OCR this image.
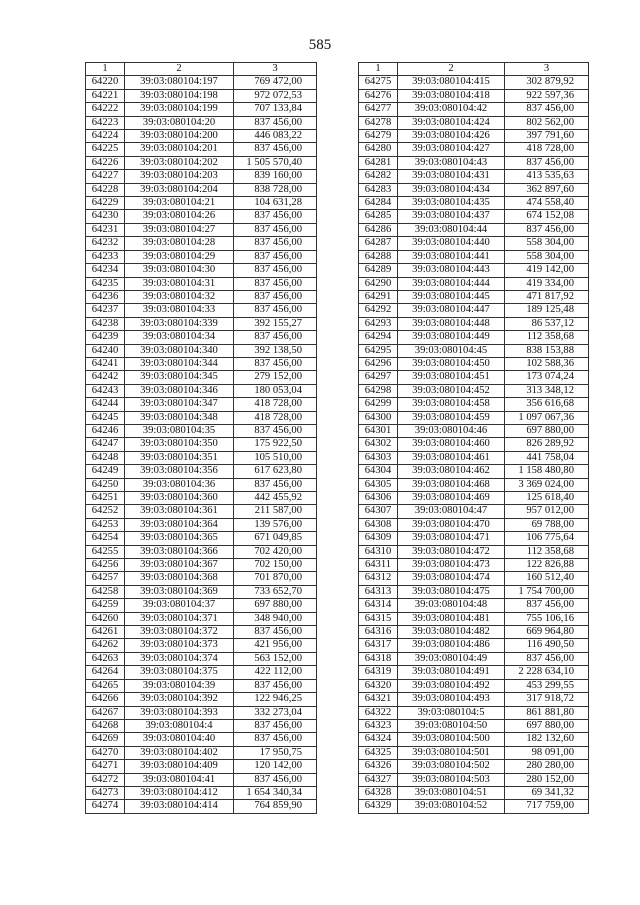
585
1	2	3
64220	39:03:080104:197	769 472,00
64221	39:03:080104:198	972 072,53
64222	39:03:080104:199	707 133,84
64223	39:03:080104:20	837 456,00
64224	39:03:080104:200	446 083,22
64225	39:03:080104:201	837 456,00
64226	39:03:080104:202	1 505 570,40
64227	39:03:080104:203	839 160,00
64228	39:03:080104:204	838 728,00
64229	39:03:080104:21	104 631,28
64230	39:03:080104:26	837 456,00
64231	39:03:080104:27	837 456,00
64232	39:03:080104:28	837 456,00
64233	39:03:080104:29	837 456,00
64234	39:03:080104:30	837 456,00
64235	39:03:080104:31	837 456,00
64236	39:03:080104:32	837 456,00
64237	39:03:080104:33	837 456,00
64238	39:03:080104:339	392 155,27
64239	39:03:080104:34	837 456,00
64240	39:03:080104:340	392 138,50
64241	39:03:080104:344	837 456,00
64242	39:03:080104:345	279 152,00
64243	39:03:080104:346	180 053,04
64244	39:03:080104:347	418 728,00
64245	39:03:080104:348	418 728,00
64246	39:03:080104:35	837 456,00
64247	39:03:080104:350	175 922,50
64248	39:03:080104:351	105 510,00
64249	39:03:080104:356	617 623,80
64250	39:03:080104:36	837 456,00
64251	39:03:080104:360	442 455,92
64252	39:03:080104:361	211 587,00
64253	39:03:080104:364	139 576,00
64254	39:03:080104:365	671 049,85
64255	39:03:080104:366	702 420,00
64256	39:03:080104:367	702 150,00
64257	39:03:080104:368	701 870,00
64258	39:03:080104:369	733 652,70
64259	39:03:080104:37	697 880,00
64260	39:03:080104:371	348 940,00
64261	39:03:080104:372	837 456,00
64262	39:03:080104:373	421 956,00
64263	39:03:080104:374	563 152,00
64264	39:03:080104:375	422 112,00
64265	39:03:080104:39	837 456,00
64266	39:03:080104:392	122 946,25
64267	39:03:080104:393	332 273,04
64268	39:03:080104:4	837 456,00
64269	39:03:080104:40	837 456,00
64270	39:03:080104:402	17 950,75
64271	39:03:080104:409	120 142,00
64272	39:03:080104:41	837 456,00
64273	39:03:080104:412	1 654 340,34
64274	39:03:080104:414	764 859,90
1	2	3
64275	39:03:080104:415	302 879,92
64276	39:03:080104:418	922 597,36
64277	39:03:080104:42	837 456,00
64278	39:03:080104:424	802 562,00
64279	39:03:080104:426	397 791,60
64280	39:03:080104:427	418 728,00
64281	39:03:080104:43	837 456,00
64282	39:03:080104:431	413 535,63
64283	39:03:080104:434	362 897,60
64284	39:03:080104:435	474 558,40
64285	39:03:080104:437	674 152,08
64286	39:03:080104:44	837 456,00
64287	39:03:080104:440	558 304,00
64288	39:03:080104:441	558 304,00
64289	39:03:080104:443	419 142,00
64290	39:03:080104:444	419 334,00
64291	39:03:080104:445	471 817,92
64292	39:03:080104:447	189 125,48
64293	39:03:080104:448	86 537,12
64294	39:03:080104:449	112 358,68
64295	39:03:080104:45	838 153,88
64296	39:03:080104:450	102 588,36
64297	39:03:080104:451	173 074,24
64298	39:03:080104:452	313 348,12
64299	39:03:080104:458	356 616,68
64300	39:03:080104:459	1 097 067,36
64301	39:03:080104:46	697 880,00
64302	39:03:080104:460	826 289,92
64303	39:03:080104:461	441 758,04
64304	39:03:080104:462	1 158 480,80
64305	39:03:080104:468	3 369 024,00
64306	39:03:080104:469	125 618,40
64307	39:03:080104:47	957 012,00
64308	39:03:080104:470	69 788,00
64309	39:03:080104:471	106 775,64
64310	39:03:080104:472	112 358,68
64311	39:03:080104:473	122 826,88
64312	39:03:080104:474	160 512,40
64313	39:03:080104:475	1 754 700,00
64314	39:03:080104:48	837 456,00
64315	39:03:080104:481	755 106,16
64316	39:03:080104:482	669 964,80
64317	39:03:080104:486	116 490,50
64318	39:03:080104:49	837 456,00
64319	39:03:080104:491	2 228 634,10
64320	39:03:080104:492	453 299,55
64321	39:03:080104:493	317 918,72
64322	39:03:080104:5	861 881,80
64323	39:03:080104:50	697 880,00
64324	39:03:080104:500	182 132,60
64325	39:03:080104:501	98 091,00
64326	39:03:080104:502	280 280,00
64327	39:03:080104:503	280 152,00
64328	39:03:080104:51	69 341,32
64329	39:03:080104:52	717 759,00
